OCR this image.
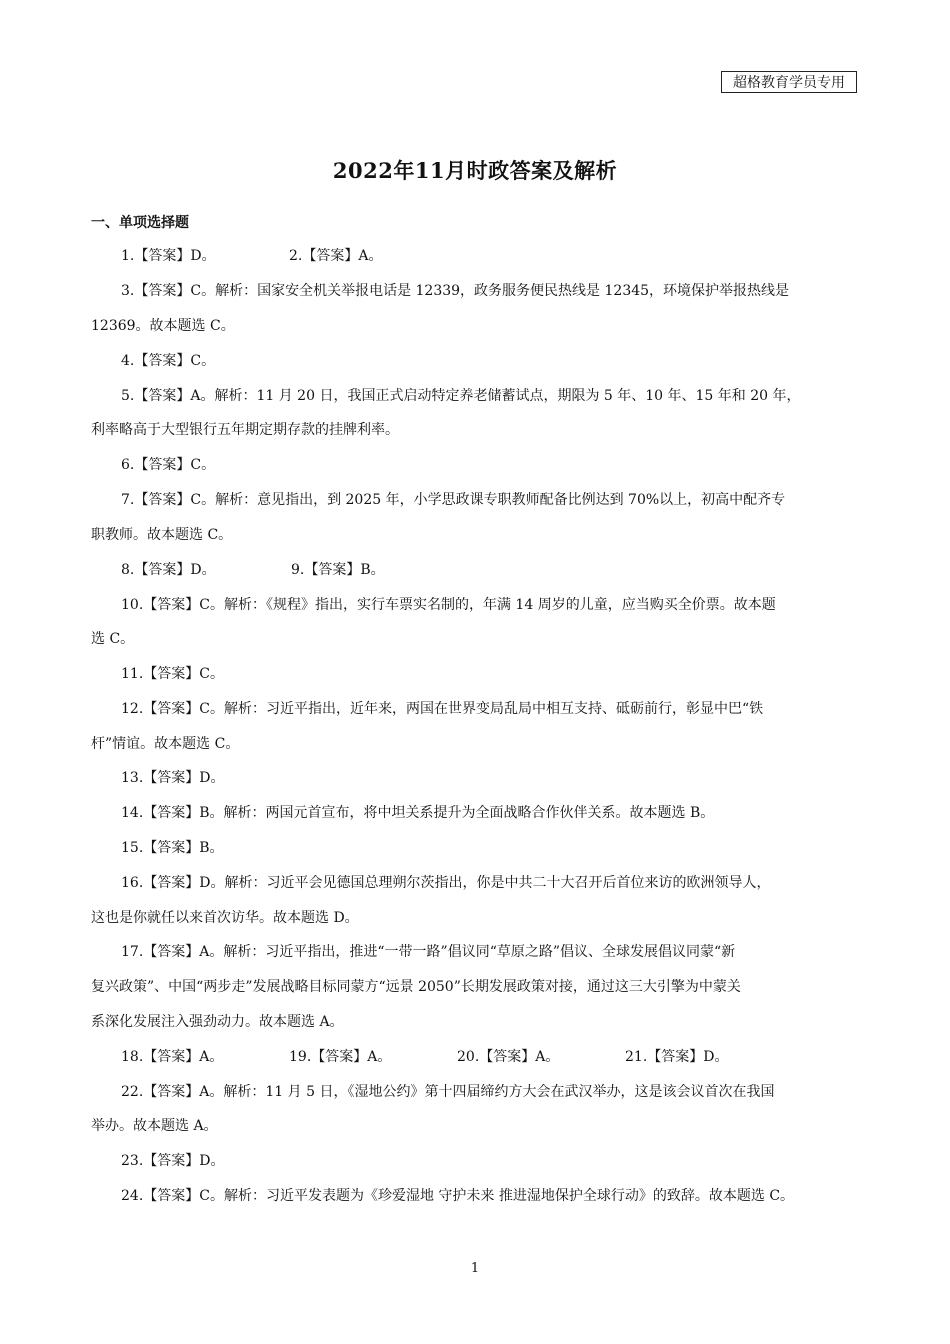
超格教育学员专用
2022年11月时政答案及解析
一、单项选择题
1.【答案】D。	2.【答案】A。
3.【答案】C。解析：国家安全机关举报电话是 12339，政务服务便民热线是 12345，环境保护举报热线是
12369。故本题选 C。
4.【答案】C。
5.【答案】A。解析：11 月 20 日，我国正式启动特定养老储蓄试点，期限为 5 年、10 年、15 年和 20 年，
利率略高于大型银行五年期定期存款的挂牌利率。
6.【答案】C。
7.【答案】C。解析：意见指出，到 2025 年，小学思政课专职教师配备比例达到 70%以上，初高中配齐专
职教师。故本题选 C。
8.【答案】D。	9.【答案】B。
10.【答案】C。解析：《规程》指出，实行车票实名制的，年满 14 周岁的儿童，应当购买全价票。故本题
选 C。
11.【答案】C。
12.【答案】C。解析：习近平指出，近年来，两国在世界变局乱局中相互支持、砥砺前行，彰显中巴“铁
杆”情谊。故本题选 C。
13.【答案】D。
14.【答案】B。解析：两国元首宣布，将中坦关系提升为全面战略合作伙伴关系。故本题选 B。
15.【答案】B。
16.【答案】D。解析：习近平会见德国总理朔尔茨指出，你是中共二十大召开后首位来访的欧洲领导人，
这也是你就任以来首次访华。故本题选 D。
17.【答案】A。解析：习近平指出，推进“一带一路”倡议同“草原之路”倡议、全球发展倡议同蒙“新
复兴政策”、中国“两步走”发展战略目标同蒙方“远景 2050”长期发展政策对接，通过这三大引擎为中蒙关
系深化发展注入强劲动力。故本题选 A。
18.【答案】A。	19.【答案】A。	20.【答案】A。	21.【答案】D。
22.【答案】A。解析：11 月 5 日，《湿地公约》第十四届缔约方大会在武汉举办，这是该会议首次在我国
举办。故本题选 A。
23.【答案】D。
24.【答案】C。解析：习近平发表题为《珍爱湿地 守护未来 推进湿地保护全球行动》的致辞。故本题选 C。
1
